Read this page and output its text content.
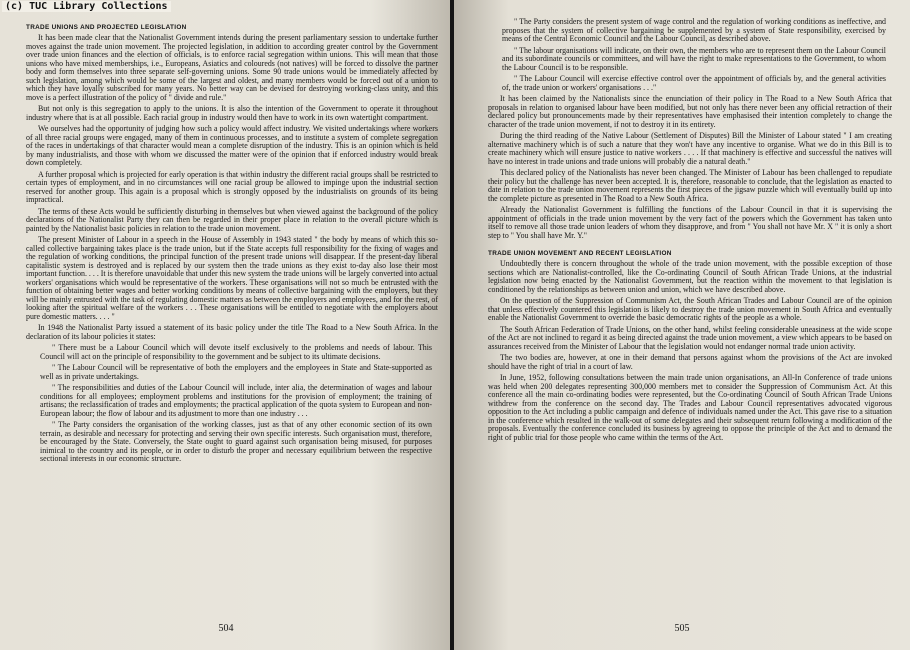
TRADE UNIONS AND PROJECTED LEGISLATION

It has been made clear that the Nationalist Government intends during the present parliamentary session to undertake further moves against the trade union movement. The projected legislation, in addition to according greater control by the Government over trade union finances and the election of officials, is to enforce racial segregation within unions. This will mean that those unions who have mixed memberships, i.e., Europeans, Asiatics and coloureds (not natives) will be forced to dissolve the partner body and form themselves into three separate self-governing unions. Some 90 trade unions would be immediately affected by such legislation, among which would be some of the largest and oldest, and many members would be forced out of a union to which they have loyally subscribed for many years. No better way can be devised for destroying working-class unity, and this move is a perfect illustration of the policy of " divide and rule."

But not only is this segregation to apply to the unions. It is also the intention of the Government to operate it throughout industry where that is at all possible. Each racial group in industry would then have to work in its own watertight compartment.

We ourselves had the opportunity of judging how such a policy would affect industry. We visited undertakings where workers of all three racial groups were engaged, many of them in continuous processes, and to institute a system of complete segregation of the races in undertakings of that character would mean a complete disruption of the industry. This is an opinion which is held by many industrialists, and those with whom we discussed the matter were of the opinion that if enforced industry would break down completely.

A further proposal which is projected for early operation is that within industry the different racial groups shall be restricted to certain types of employment, and in no circumstances will one racial group be allowed to impinge upon the industrial section reserved for another group. This again is a proposal which is strongly opposed by the industrialists on grounds of its being impractical.

The terms of these Acts would be sufficiently disturbing in themselves but when viewed against the background of the policy declarations of the Nationalist Party they can then be regarded in their proper place in relation to the overall picture which is painted by the Nationalist basic policies in relation to the trade union movement.

The present Minister of Labour in a speech in the House of Assembly in 1943 stated " the body by means of which this so-called collective bargaining takes place is the trade union, but if the State accepts full responsibility for the fixing of wages and the regulation of working conditions, the principal function of the present trade unions will disappear. If the present-day liberal capitalistic system is destroyed and is replaced by our system then the trade unions as they exist to-day also lose their most important function. . . . It is therefore unavoidable that under this new system the trade unions will be largely converted into actual workers' organisations which would be representative of the workers. These organisations will not so much be entrusted with the function of obtaining better wages and better working conditions by means of collective bargaining with the employers, but they will be mainly entrusted with the task of regulating domestic matters as between the employers and employees, and for the rest, of looking after the spiritual welfare of the workers . . . These organisations will be entitled to negotiate with the employers about pure domestic matters. . . . "

In 1948 the Nationalist Party issued a statement of its basic policy under the title The Road to a New South Africa. In the declaration of its labour policies it states:

" There must be a Labour Council which will devote itself exclusively to the problems and needs of labour. This Council will act on the principle of responsibility to the government and be subject to its ultimate decisions.

" The Labour Council will be representative of both the employers and the employees in State and State-supported as well as in private undertakings.

" The responsibilities and duties of the Labour Council will include, inter alia, the determination of wages and labour conditions for all employees; employment problems and institutions for the provision of employment; the training of artisans; the reclassification of trades and employments; the practical application of the quota system to European and non-European labour; the flow of labour and its adjustment to more than one industry . . .

" The Party considers the organisation of the working classes, just as that of any other economic section of its own terrain, as desirable and necessary for protecting and serving their own specific interests. Such organisation must, therefore, be encouraged by the State. Conversely, the State ought to guard against such organisation being misused, for purposes inimical to the country and its people, or in order to disturb the proper and necessary equilibrium between the respective sectional interests in our economic structure.

504

" The Party considers the present system of wage control and the regulation of working conditions as ineffective, and proposes that the system of collective bargaining be supplemented by a system of State responsibility, exercised by means of the Central Economic Council and the Labour Council, as described above.

" The labour organisations will indicate, on their own, the members who are to represent them on the Labour Council and its subordinate councils or committees, and will have the right to make representations to the Government, to whom the Labour Council is to be responsible.

" The Labour Council will exercise effective control over the appointment of officials by, and the general activities of, the trade union or workers' organisations . . ."

It has been claimed by the Nationalists since the enunciation of their policy in The Road to a New South Africa that proposals in relation to organised labour have been modified, but not only has there never been any official retraction of their declared policy but pronouncements made by their representatives have emphasised their intention completely to change the character of the trade union movement, if not to destroy it in its entirety.

During the third reading of the Native Labour (Settlement of Disputes) Bill the Minister of Labour stated " I am creating alternative machinery which is of such a nature that they won't have any incentive to organise. What we do in this Bill is to create machinery which will ensure justice to native workers . . . . If that machinery is effective and successful the natives will have no interest in trade unions and trade unions will probably die a natural death."

This declared policy of the Nationalists has never been changed. The Minister of Labour has been challenged to repudiate their policy but the challenge has never been accepted. It is, therefore, reasonable to conclude, that the legislation as enacted to date in relation to the trade union movement represents the first pieces of the jigsaw puzzle which will eventually build up into the complete picture as presented in The Road to a New South Africa.

Already the Nationalist Government is fulfilling the functions of the Labour Council in that it is supervising the appointment of officials in the trade union movement by the very fact of the powers which the Government has taken unto itself to remove all those trade union leaders of whom they disapprove, and from " You shall not have Mr. X " it is only a short step to " You shall have Mr. Y."

TRADE UNION MOVEMENT AND RECENT LEGISLATION

Undoubtedly there is concern throughout the whole of the trade union movement, with the possible exception of those sections which are Nationalist-controlled, like the Co-ordinating Council of South African Trade Unions, at the industrial legislation now being enacted by the Nationalist Government, but the reaction within the movement to that legislation is conditioned by the relationships as between union and union, which we have described above.

On the question of the Suppression of Communism Act, the South African Trades and Labour Council are of the opinion that unless effectively countered this legislation is likely to destroy the trade union movement in South Africa and eventually enable the Nationalist Government to override the basic democratic rights of the people as a whole.

The South African Federation of Trade Unions, on the other hand, whilst feeling considerable uneasiness at the wide scope of the Act are not inclined to regard it as being directed against the trade union movement, a view which appears to be based on assurances received from the Minister of Labour that the legislation would not endanger normal trade union activity.

The two bodies are, however, at one in their demand that persons against whom the provisions of the Act are invoked should have the right of trial in a court of law.

In June, 1952, following consultations between the main trade union organisations, an All-In Conference of trade unions was held when 200 delegates representing 300,000 members met to consider the Suppression of Communism Act. At this conference all the main co-ordinating bodies were represented, but the Co-ordinating Council of South African Trade Unions withdrew from the conference on the second day. The Trades and Labour Council representatives advocated vigorous opposition to the Act including a public campaign and defence of individuals named under the Act. This gave rise to a situation in the conference which resulted in the walk-out of some delegates and their subsequent return following a modification of the proposals. Eventually the conference concluded its business by agreeing to oppose the principle of the Act and to demand the right of public trial for those people who came within the terms of the Act.

505
(c) TUC Library Collections
